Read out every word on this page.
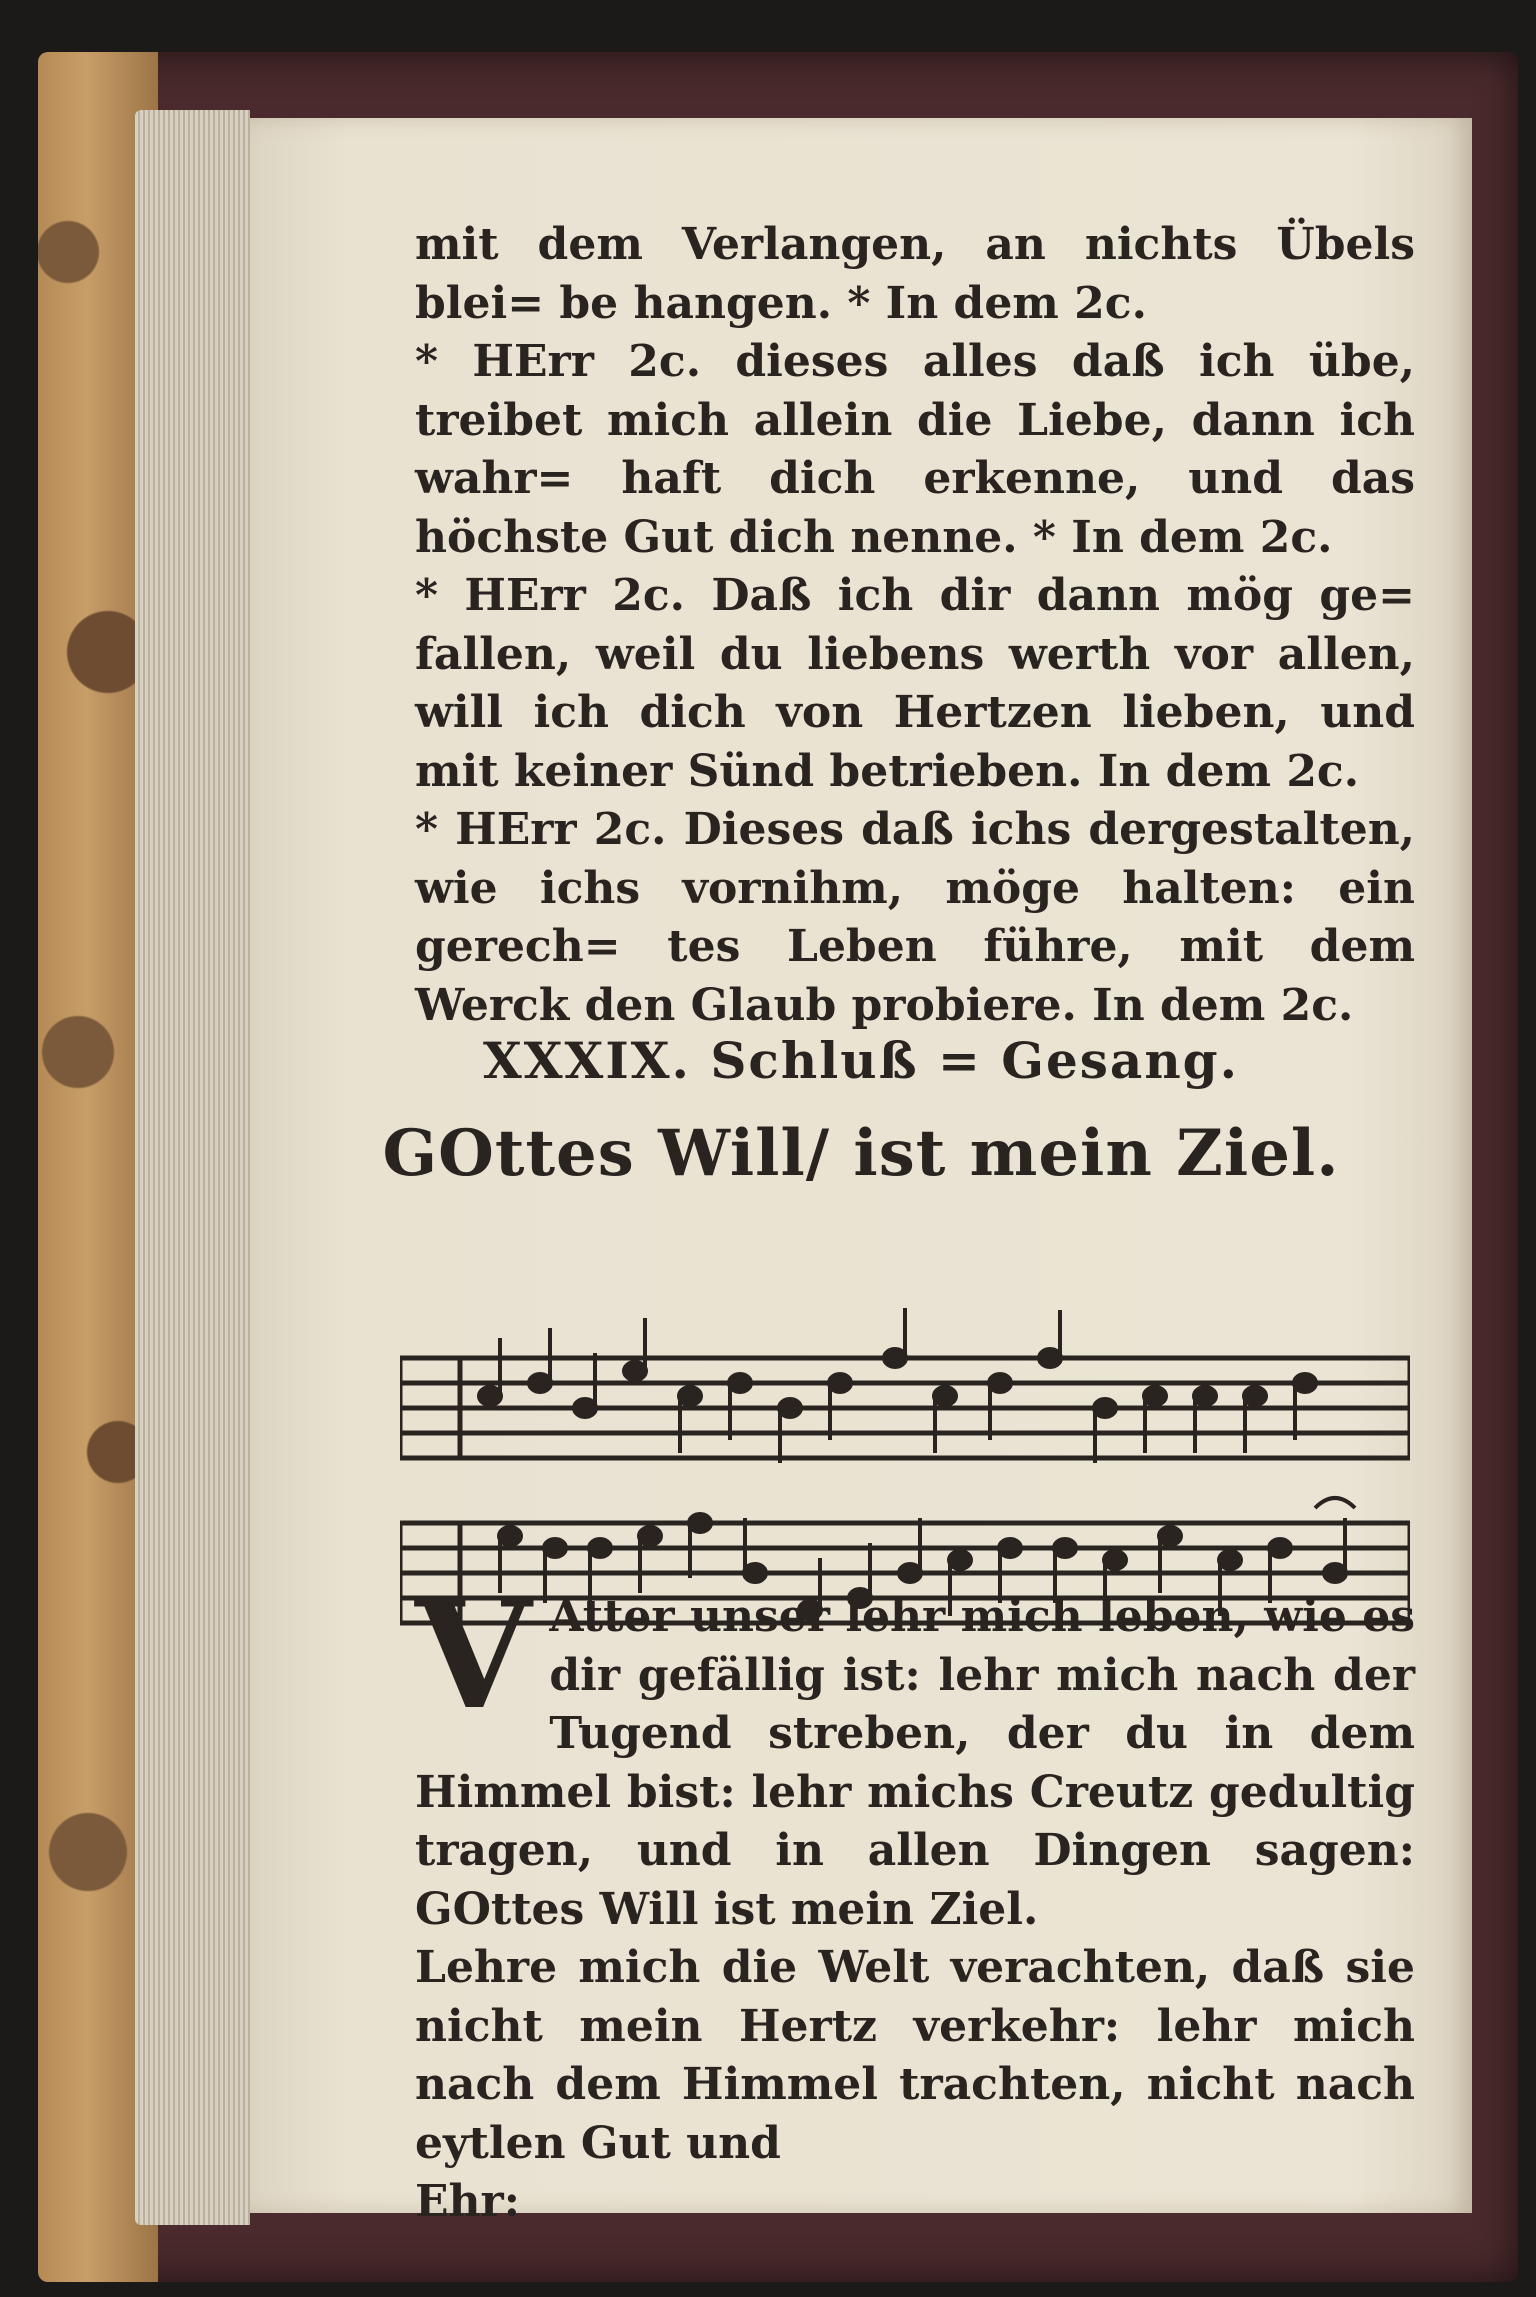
mit dem Verlangen, an nichts Übels blei= be hangen. * In dem 2c.

* HErr 2c. dieses alles daß ich übe, treibet mich allein die Liebe, dann ich wahr= haft dich erkenne, und das höchste Gut dich nenne. * In dem 2c.

* HErr 2c. Daß ich dir dann mög ge= fallen, weil du liebens werth vor allen, will ich dich von Hertzen lieben, und mit keiner Sünd betrieben. In dem 2c.

* HErr 2c. Dieses daß ichs dergestalten, wie ichs vornihm, möge halten: ein gerech= tes Leben führe, mit dem Werck den Glaub probiere. In dem 2c.

XXXIX. Schluß = Gesang.
GOttes Will/ ist mein Ziel.

V Atter unser lehr mich leben, wie es dir gefällig ist: lehr mich nach der Tugend streben, der du in dem Himmel bist: lehr michs Creutz gedultig tragen, und in allen Dingen sagen: GOttes Will ist mein Ziel.

Lehre mich die Welt verachten, daß sie nicht mein Hertz verkehr: lehr mich nach dem Himmel trachten, nicht nach eytlen Gut und

Ehr:
